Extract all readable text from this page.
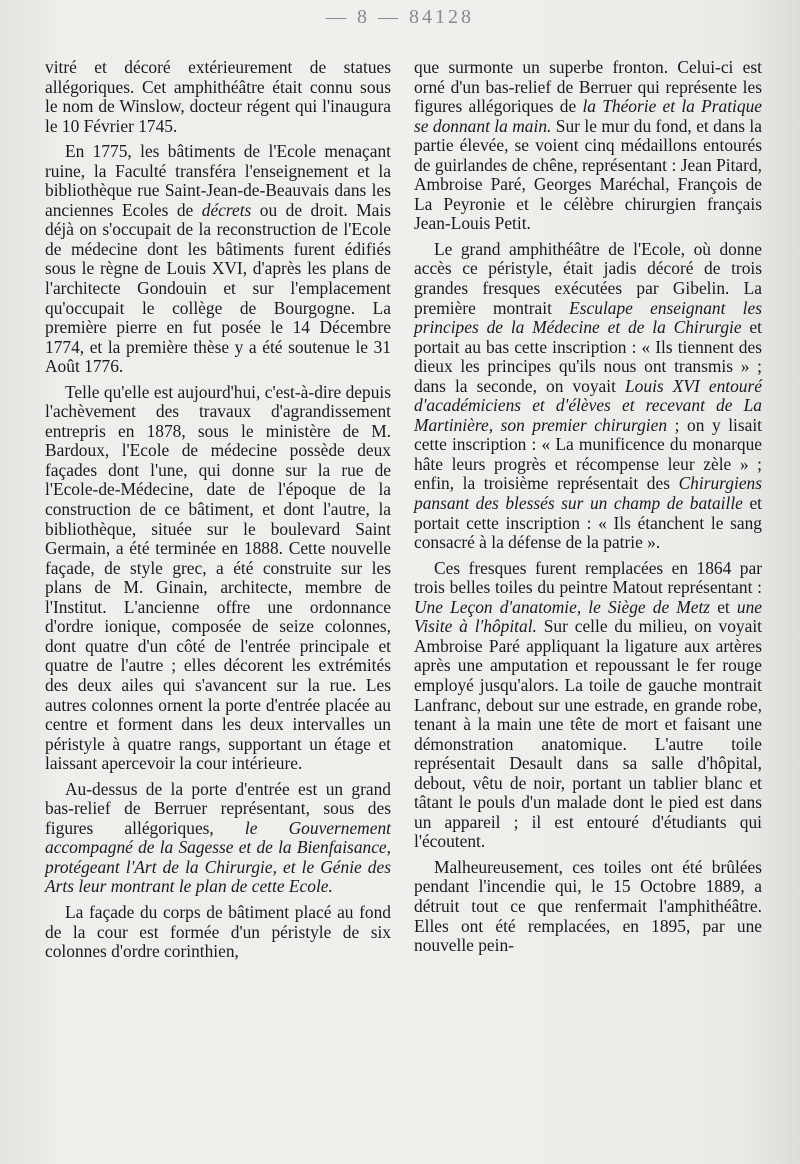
— 8 — 84128

vitré et décoré extérieurement de statues allégoriques. Cet amphithéâtre était connu sous le nom de Winslow, docteur régent qui l'inaugura le 10 Février 1745.

En 1775, les bâtiments de l'Ecole menaçant ruine, la Faculté transféra l'enseignement et la bibliothèque rue Saint-Jean-de-Beauvais dans les anciennes Ecoles de décrets ou de droit. Mais déjà on s'occupait de la reconstruction de l'Ecole de médecine dont les bâtiments furent édifiés sous le règne de Louis XVI, d'après les plans de l'architecte Gondouin et sur l'emplacement qu'occupait le collège de Bourgogne. La première pierre en fut posée le 14 Décembre 1774, et la première thèse y a été soutenue le 31 Août 1776.

Telle qu'elle est aujourd'hui, c'est-à-dire depuis l'achèvement des travaux d'agrandissement entrepris en 1878, sous le ministère de M. Bardoux, l'Ecole de médecine possède deux façades dont l'une, qui donne sur la rue de l'Ecole-de-Médecine, date de l'époque de la construction de ce bâtiment, et dont l'autre, la bibliothèque, située sur le boulevard Saint Germain, a été terminée en 1888. Cette nouvelle façade, de style grec, a été construite sur les plans de M. Ginain, architecte, membre de l'Institut. L'ancienne offre une ordonnance d'ordre ionique, composée de seize colonnes, dont quatre d'un côté de l'entrée principale et quatre de l'autre ; elles décorent les extrémités des deux ailes qui s'avancent sur la rue. Les autres colonnes ornent la porte d'entrée placée au centre et forment dans les deux intervalles un péristyle à quatre rangs, supportant un étage et laissant apercevoir la cour intérieure.

Au-dessus de la porte d'entrée est un grand bas-relief de Berruer représentant, sous des figures allégoriques, le Gouvernement accompagné de la Sagesse et de la Bienfaisance, protégeant l'Art de la Chirurgie, et le Génie des Arts leur montrant le plan de cette Ecole.

La façade du corps de bâtiment placé au fond de la cour est formée d'un péristyle de six colonnes d'ordre corinthien,

que surmonte un superbe fronton. Celui-ci est orné d'un bas-relief de Berruer qui représente les figures allégoriques de la Théorie et la Pratique se donnant la main. Sur le mur du fond, et dans la partie élevée, se voient cinq médaillons entourés de guirlandes de chêne, représentant : Jean Pitard, Ambroise Paré, Georges Maréchal, François de La Peyronie et le célèbre chirurgien français Jean-Louis Petit.

Le grand amphithéâtre de l'Ecole, où donne accès ce péristyle, était jadis décoré de trois grandes fresques exécutées par Gibelin. La première montrait Esculape enseignant les principes de la Médecine et de la Chirurgie et portait au bas cette inscription : « Ils tiennent des dieux les principes qu'ils nous ont transmis » ; dans la seconde, on voyait Louis XVI entouré d'académiciens et d'élèves et recevant de La Martinière, son premier chirurgien ; on y lisait cette inscription : « La munificence du monarque hâte leurs progrès et récompense leur zèle » ; enfin, la troisième représentait des Chirurgiens pansant des blessés sur un champ de bataille et portait cette inscription : « Ils étanchent le sang consacré à la défense de la patrie ».

Ces fresques furent remplacées en 1864 par trois belles toiles du peintre Matout représentant : Une Leçon d'anatomie, le Siège de Metz et une Visite à l'hôpital. Sur celle du milieu, on voyait Ambroise Paré appliquant la ligature aux artères après une amputation et repoussant le fer rouge employé jusqu'alors. La toile de gauche montrait Lanfranc, debout sur une estrade, en grande robe, tenant à la main une tête de mort et faisant une démonstration anatomique. L'autre toile représentait Desault dans sa salle d'hôpital, debout, vêtu de noir, portant un tablier blanc et tâtant le pouls d'un malade dont le pied est dans un appareil ; il est entouré d'étudiants qui l'écoutent.

Malheureusement, ces toiles ont été brûlées pendant l'incendie qui, le 15 Octobre 1889, a détruit tout ce que renfermait l'amphithéâtre. Elles ont été remplacées, en 1895, par une nouvelle pein-
